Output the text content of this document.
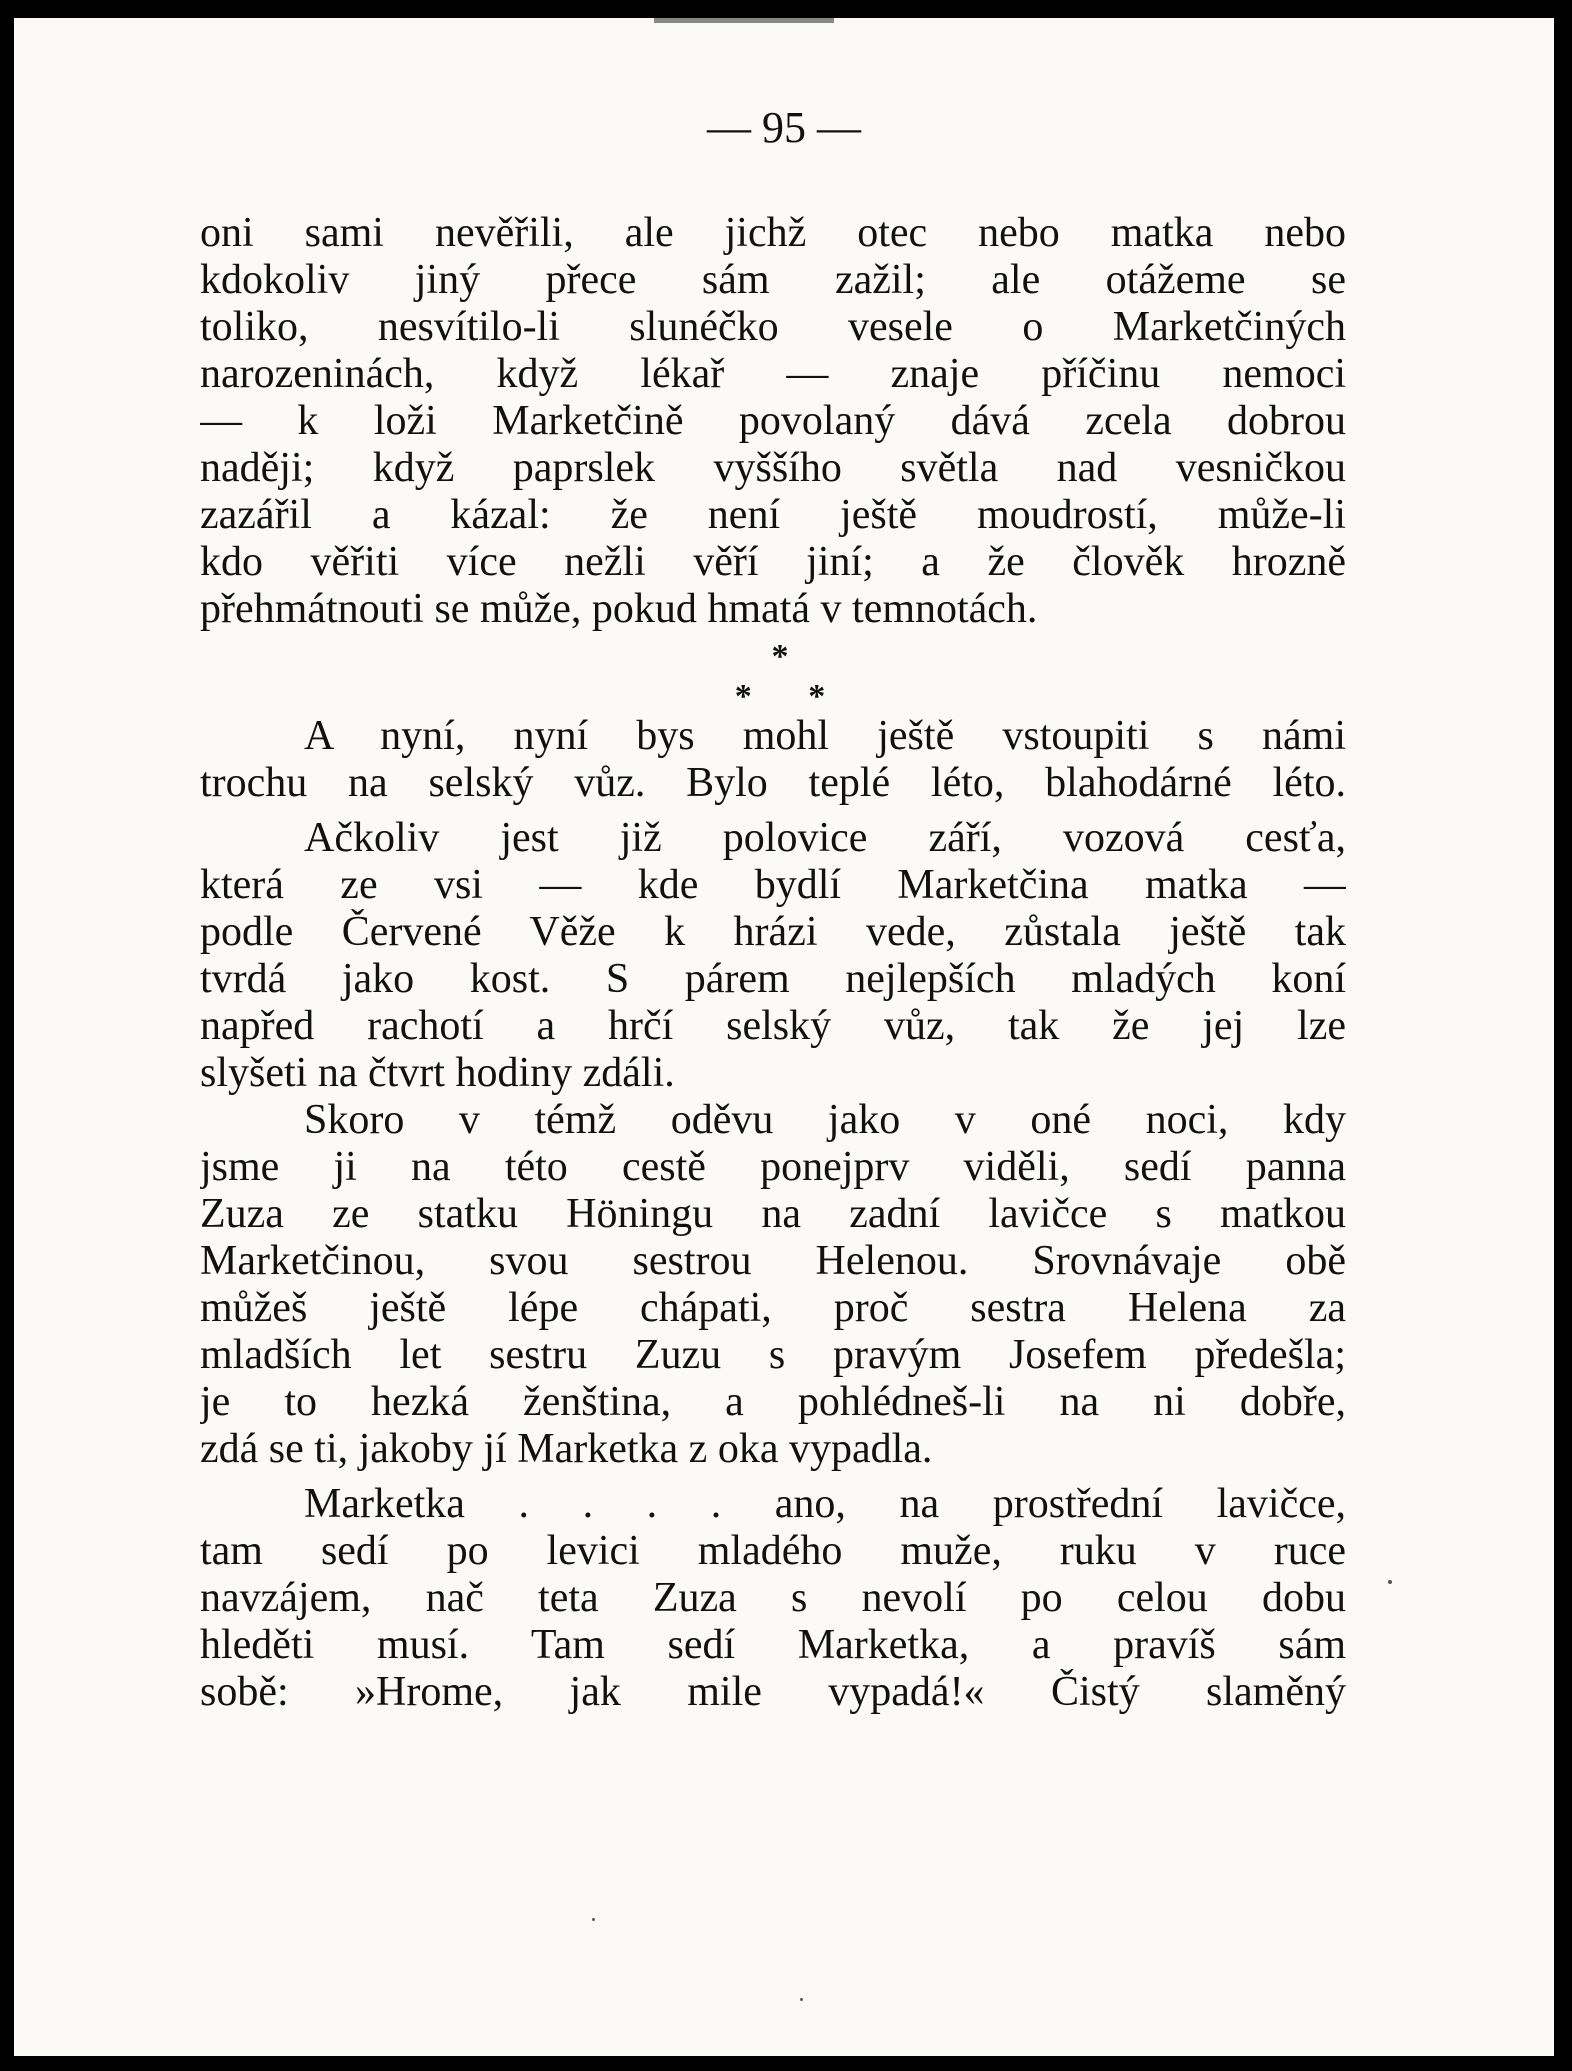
— 95 —
oni sami nevěřili, ale jichž otec nebo matka nebo
kdokoliv jiný přece sám zažil; ale otážeme se
toliko, nesvítilo-li slunéčko vesele o Marketčiných
narozeninách, když lékař — znaje příčinu nemoci
— k loži Marketčině povolaný dává zcela dobrou
naději; když paprslek vyššího světla nad vesničkou
zazářil a kázal: že není ještě moudrostí, může-li
kdo věřiti více nežli věří jiní; a že člověk hrozně
přehmátnouti se může, pokud hmatá v temnotách.
*
* *
A nyní, nyní bys mohl ještě vstoupiti s námi
trochu na selský vůz. Bylo teplé léto, blahodárné léto.
Ačkoliv jest již polovice září, vozová cesťa,
která ze vsi — kde bydlí Marketčina matka —
podle Červené Věže k hrázi vede, zůstala ještě tak
tvrdá jako kost. S párem nejlepších mladých koní
napřed rachotí a hrčí selský vůz, tak že jej lze
slyšeti na čtvrt hodiny zdáli.
Skoro v témž oděvu jako v oné noci, kdy
jsme ji na této cestě ponejprv viděli, sedí panna
Zuza ze statku Höningu na zadní lavičce s matkou
Marketčinou, svou sestrou Helenou. Srovnávaje obě
můžeš ještě lépe chápati, proč sestra Helena za
mladších let sestru Zuzu s pravým Josefem předešla;
je to hezká ženština, a pohlédneš-li na ni dobře,
zdá se ti, jakoby jí Marketka z oka vypadla.
Marketka . . . . ano, na prostřední lavičce,
tam sedí po levici mladého muže, ruku v ruce
navzájem, nač teta Zuza s nevolí po celou dobu
hleděti musí. Tam sedí Marketka, a pravíš sám
sobě: »Hrome, jak mile vypadá!« Čistý slaměný
